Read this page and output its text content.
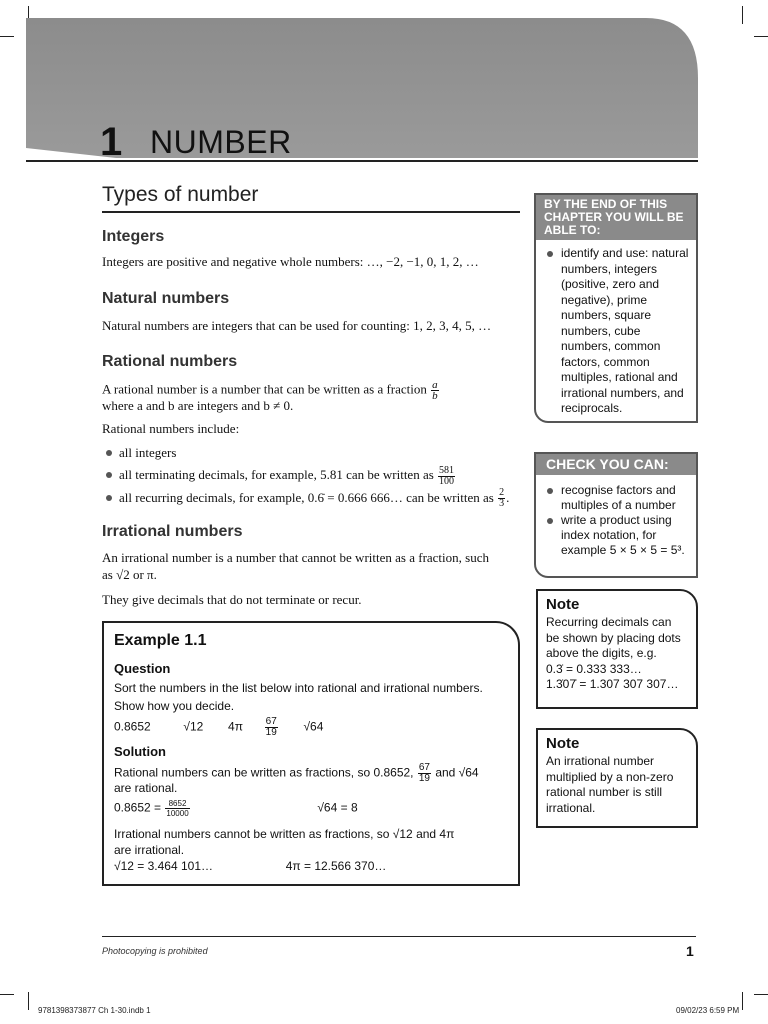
1 NUMBER
Types of number
Integers
Integers are positive and negative whole numbers: …, −2, −1, 0, 1, 2, …
Natural numbers
Natural numbers are integers that can be used for counting: 1, 2, 3, 4, 5, …
Rational numbers
A rational number is a number that can be written as a fraction $\frac{a}{b}$
where a and b are integers and b ≠ 0.
Rational numbers include:
all integers
all terminating decimals, for example, 5.81 can be written as $\frac{581}{100}$
all recurring decimals, for example, 0.6̇ = 0.666 666… can be written as $\frac{2}{3}$ .
Irrational numbers
An irrational number is a number that cannot be written as a fraction, such
as √2 or π.
They give decimals that do not terminate or recur.
Example 1.1
Question
Sort the numbers in the list below into rational and irrational numbers.
Show how you decide.
0.8652	√12 $4\pi \frac{67}{19} √64$
Solution
Rational numbers can be written as fractions, so 0.8652, $\frac{67}{19}$ and √64
are rational.
$0.8652 = \frac{8652}{10000}$	√64 = 8
Irrational numbers cannot be written as fractions, so √12 and 4π
are irrational.
√12 = 3.464 101…	4π = 12.566 370…
BY THE END OF THIS CHAPTER YOU WILL BE ABLE TO:
identify and use: natural numbers, integers (positive, zero and negative), prime numbers, square numbers, cube numbers, common factors, common multiples, rational and irrational numbers, and reciprocals.
CHECK YOU CAN:
recognise factors and multiples of a number
write a product using index notation, for example 5 × 5 × 5 = 5³.
Note
Recurring decimals can be shown by placing dots above the digits, e.g.
0.3̇ = 0.333 333…
1.3̇07̇ = 1.307 307 307…
Note
An irrational number multiplied by a non-zero rational number is still irrational.
Photocopying is prohibited	1
9781398373877 Ch 1-30.indb 1	09/02/23 6:59 PM
